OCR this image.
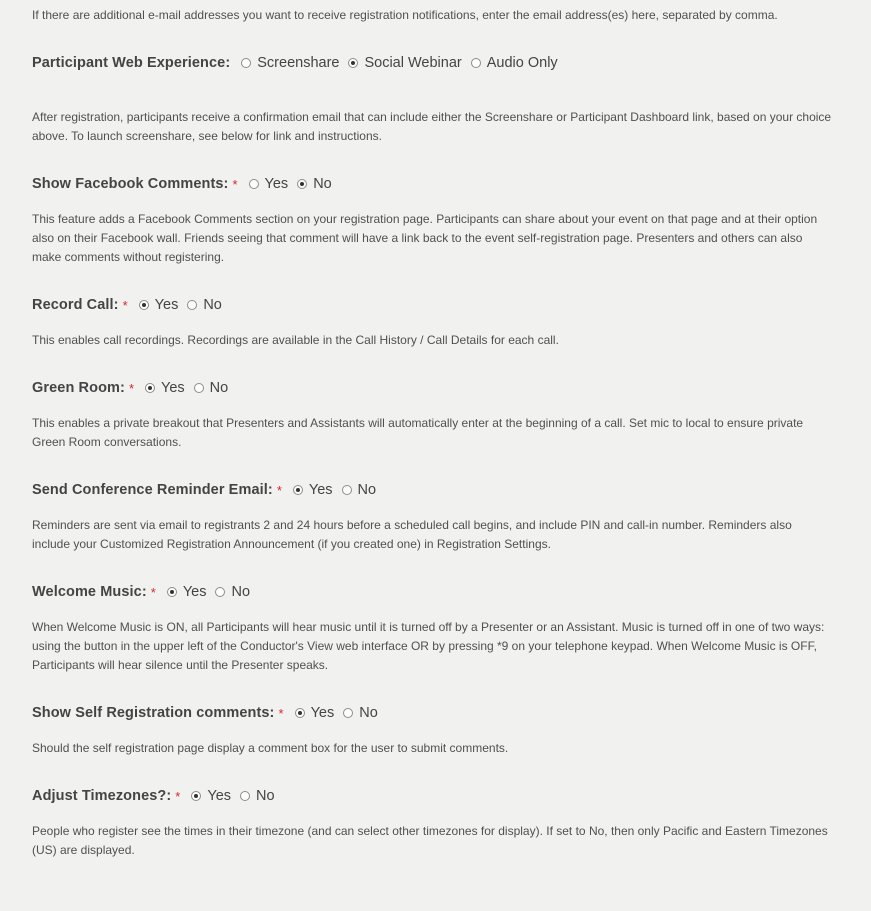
If there are additional e-mail addresses you want to receive registration notifications, enter the email address(es) here, separated by comma.
Participant Web Experience: Screenshare Social Webinar Audio Only
After registration, participants receive a confirmation email that can include either the Screenshare or Participant Dashboard link, based on your choice above. To launch screenshare, see below for link and instructions.
Show Facebook Comments: * Yes No
This feature adds a Facebook Comments section on your registration page. Participants can share about your event on that page and at their option also on their Facebook wall. Friends seeing that comment will have a link back to the event self-registration page. Presenters and others can also make comments without registering.
Record Call: * Yes No
This enables call recordings. Recordings are available in the Call History / Call Details for each call.
Green Room: * Yes No
This enables a private breakout that Presenters and Assistants will automatically enter at the beginning of a call. Set mic to local to ensure private Green Room conversations.
Send Conference Reminder Email: * Yes No
Reminders are sent via email to registrants 2 and 24 hours before a scheduled call begins, and include PIN and call-in number. Reminders also include your Customized Registration Announcement (if you created one) in Registration Settings.
Welcome Music: * Yes No
When Welcome Music is ON, all Participants will hear music until it is turned off by a Presenter or an Assistant. Music is turned off in one of two ways: using the button in the upper left of the Conductor's View web interface OR by pressing *9 on your telephone keypad. When Welcome Music is OFF, Participants will hear silence until the Presenter speaks.
Show Self Registration comments: * Yes No
Should the self registration page display a comment box for the user to submit comments.
Adjust Timezones?: * Yes No
People who register see the times in their timezone (and can select other timezones for display). If set to No, then only Pacific and Eastern Timezones (US) are displayed.
